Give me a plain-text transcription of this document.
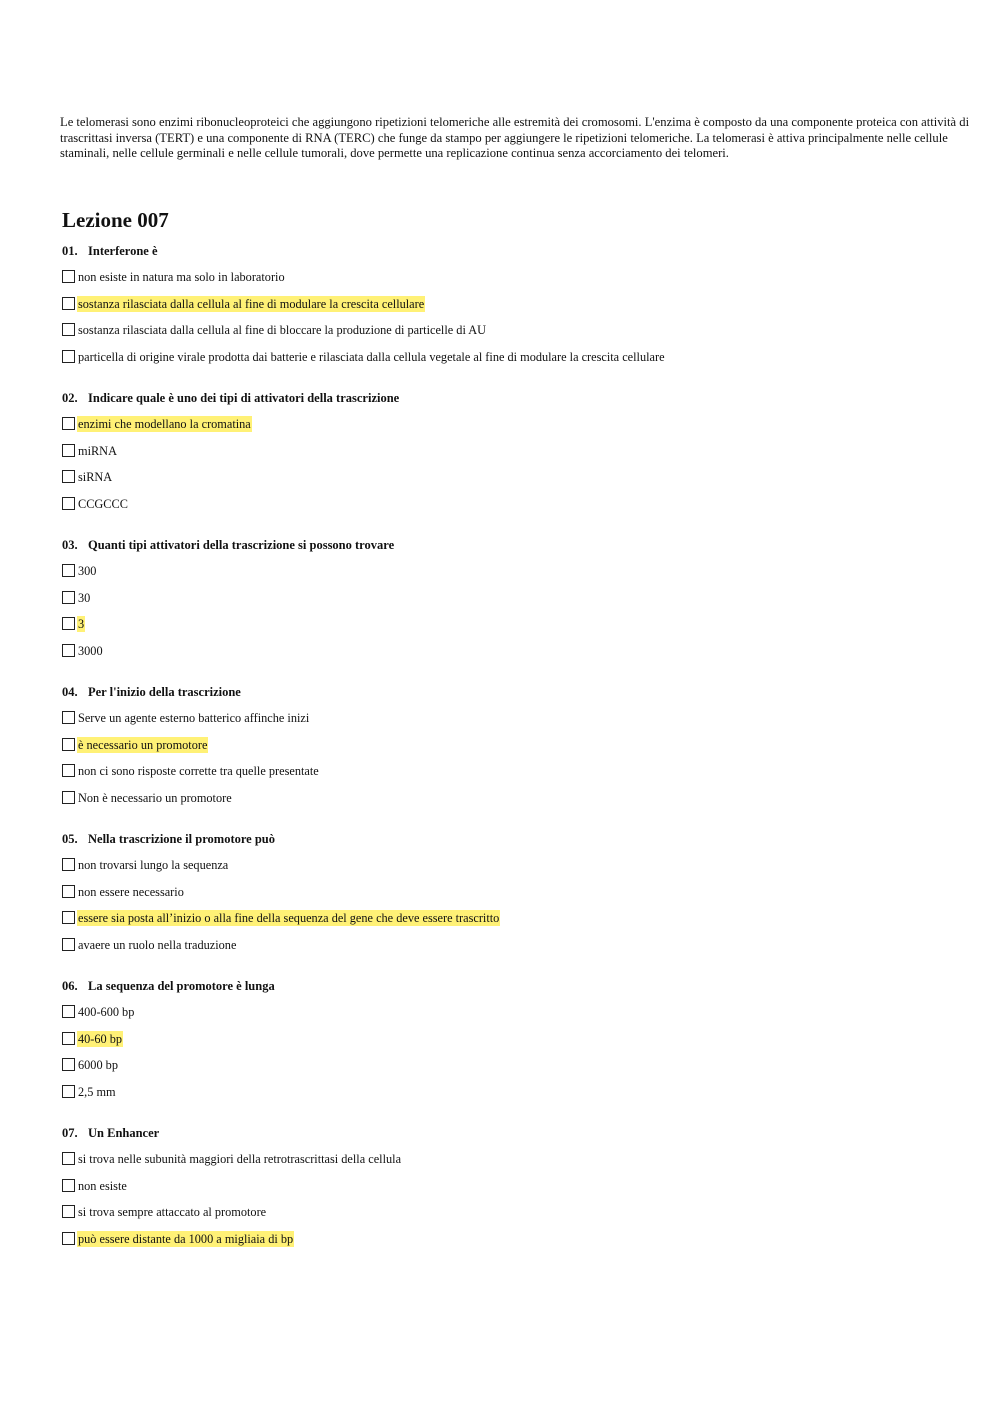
Le telomerasi sono enzimi ribonucleoproteici che aggiungono ripetizioni telomeriche alle estremità dei cromosomi. L'enzima è composto da una componente proteica con attività di trascrittasi inversa (TERT) e una componente di RNA (TERC) che funge da stampo per aggiungere le ripetizioni telomeriche. La telomerasi è attiva principalmente nelle cellule staminali, nelle cellule germinali e nelle cellule tumorali, dove permette una replicazione continua senza accorciamento dei telomeri.

Lezione 007
01. Interferone è
non esiste in natura ma solo in laboratorio
sostanza rilasciata dalla cellula al fine di modulare la crescita cellulare
sostanza rilasciata dalla cellula al fine di bloccare la produzione di particelle di AU
particella di origine virale prodotta dai batterie e rilasciata dalla cellula vegetale al fine di modulare la crescita cellulare
02. Indicare quale è uno dei tipi di attivatori della trascrizione
enzimi che modellano la cromatina
miRNA
siRNA
CCGCCC
03. Quanti tipi attivatori della trascrizione si possono trovare
300
30
3
3000
04. Per l'inizio della trascrizione
Serve un agente esterno batterico affinche inizi
è necessario un promotore
non ci sono risposte corrette tra quelle presentate
Non è necessario un promotore
05. Nella trascrizione il promotore può
non trovarsi lungo la sequenza
non essere necessario
essere sia posta all’inizio o alla fine della sequenza del gene che deve essere trascritto
avaere un ruolo nella traduzione
06. La sequenza del promotore è lunga
400-600 bp
40-60 bp
6000 bp
2,5 mm
07. Un Enhancer
si trova nelle subunità maggiori della retrotrascrittasi della cellula
non esiste
si trova sempre attaccato al promotore
può essere distante da 1000 a migliaia di bp
